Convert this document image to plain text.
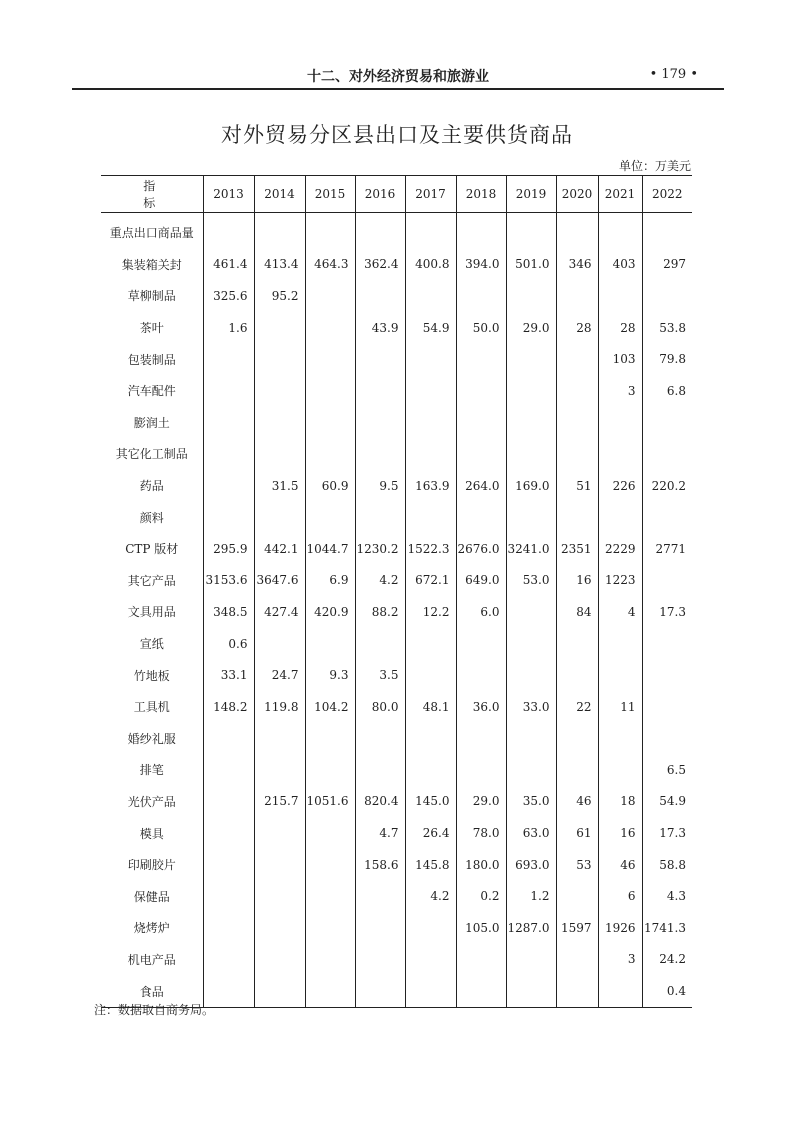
十二、对外经济贸易和旅游业	• 179 •
对外贸易分区县出口及主要供货商品
单位：万美元
指　标	2013	2014	2015	2016	2017	2018	2019	2020	2021	2022
重点出口商品量										
集装箱关封	461.4	413.4	464.3	362.4	400.8	394.0	501.0	346	403	297
草柳制品	325.6	95.2								
茶叶	1.6			43.9	54.9	50.0	29.0	28	28	53.8
包装制品									103	79.8
汽车配件									3	6.8
膨润土										
其它化工制品										
药品		31.5	60.9	9.5	163.9	264.0	169.0	51	226	220.2
颜料										
CTP 版材	295.9	442.1	1044.7	1230.2	1522.3	2676.0	3241.0	2351	2229	2771
其它产品	3153.6	3647.6	6.9	4.2	672.1	649.0	53.0	16	1223	
文具用品	348.5	427.4	420.9	88.2	12.2	6.0		84	4	17.3
宣纸	0.6									
竹地板	33.1	24.7	9.3	3.5						
工具机	148.2	119.8	104.2	80.0	48.1	36.0	33.0	22	11	
婚纱礼服										
排笔										6.5
光伏产品		215.7	1051.6	820.4	145.0	29.0	35.0	46	18	54.9
模具				4.7	26.4	78.0	63.0	61	16	17.3
印刷胶片				158.6	145.8	180.0	693.0	53	46	58.8
保健品					4.2	0.2	1.2		6	4.3
烧烤炉						105.0	1287.0	1597	1926	1741.3
机电产品									3	24.2
食品										0.4
注：数据取自商务局。
